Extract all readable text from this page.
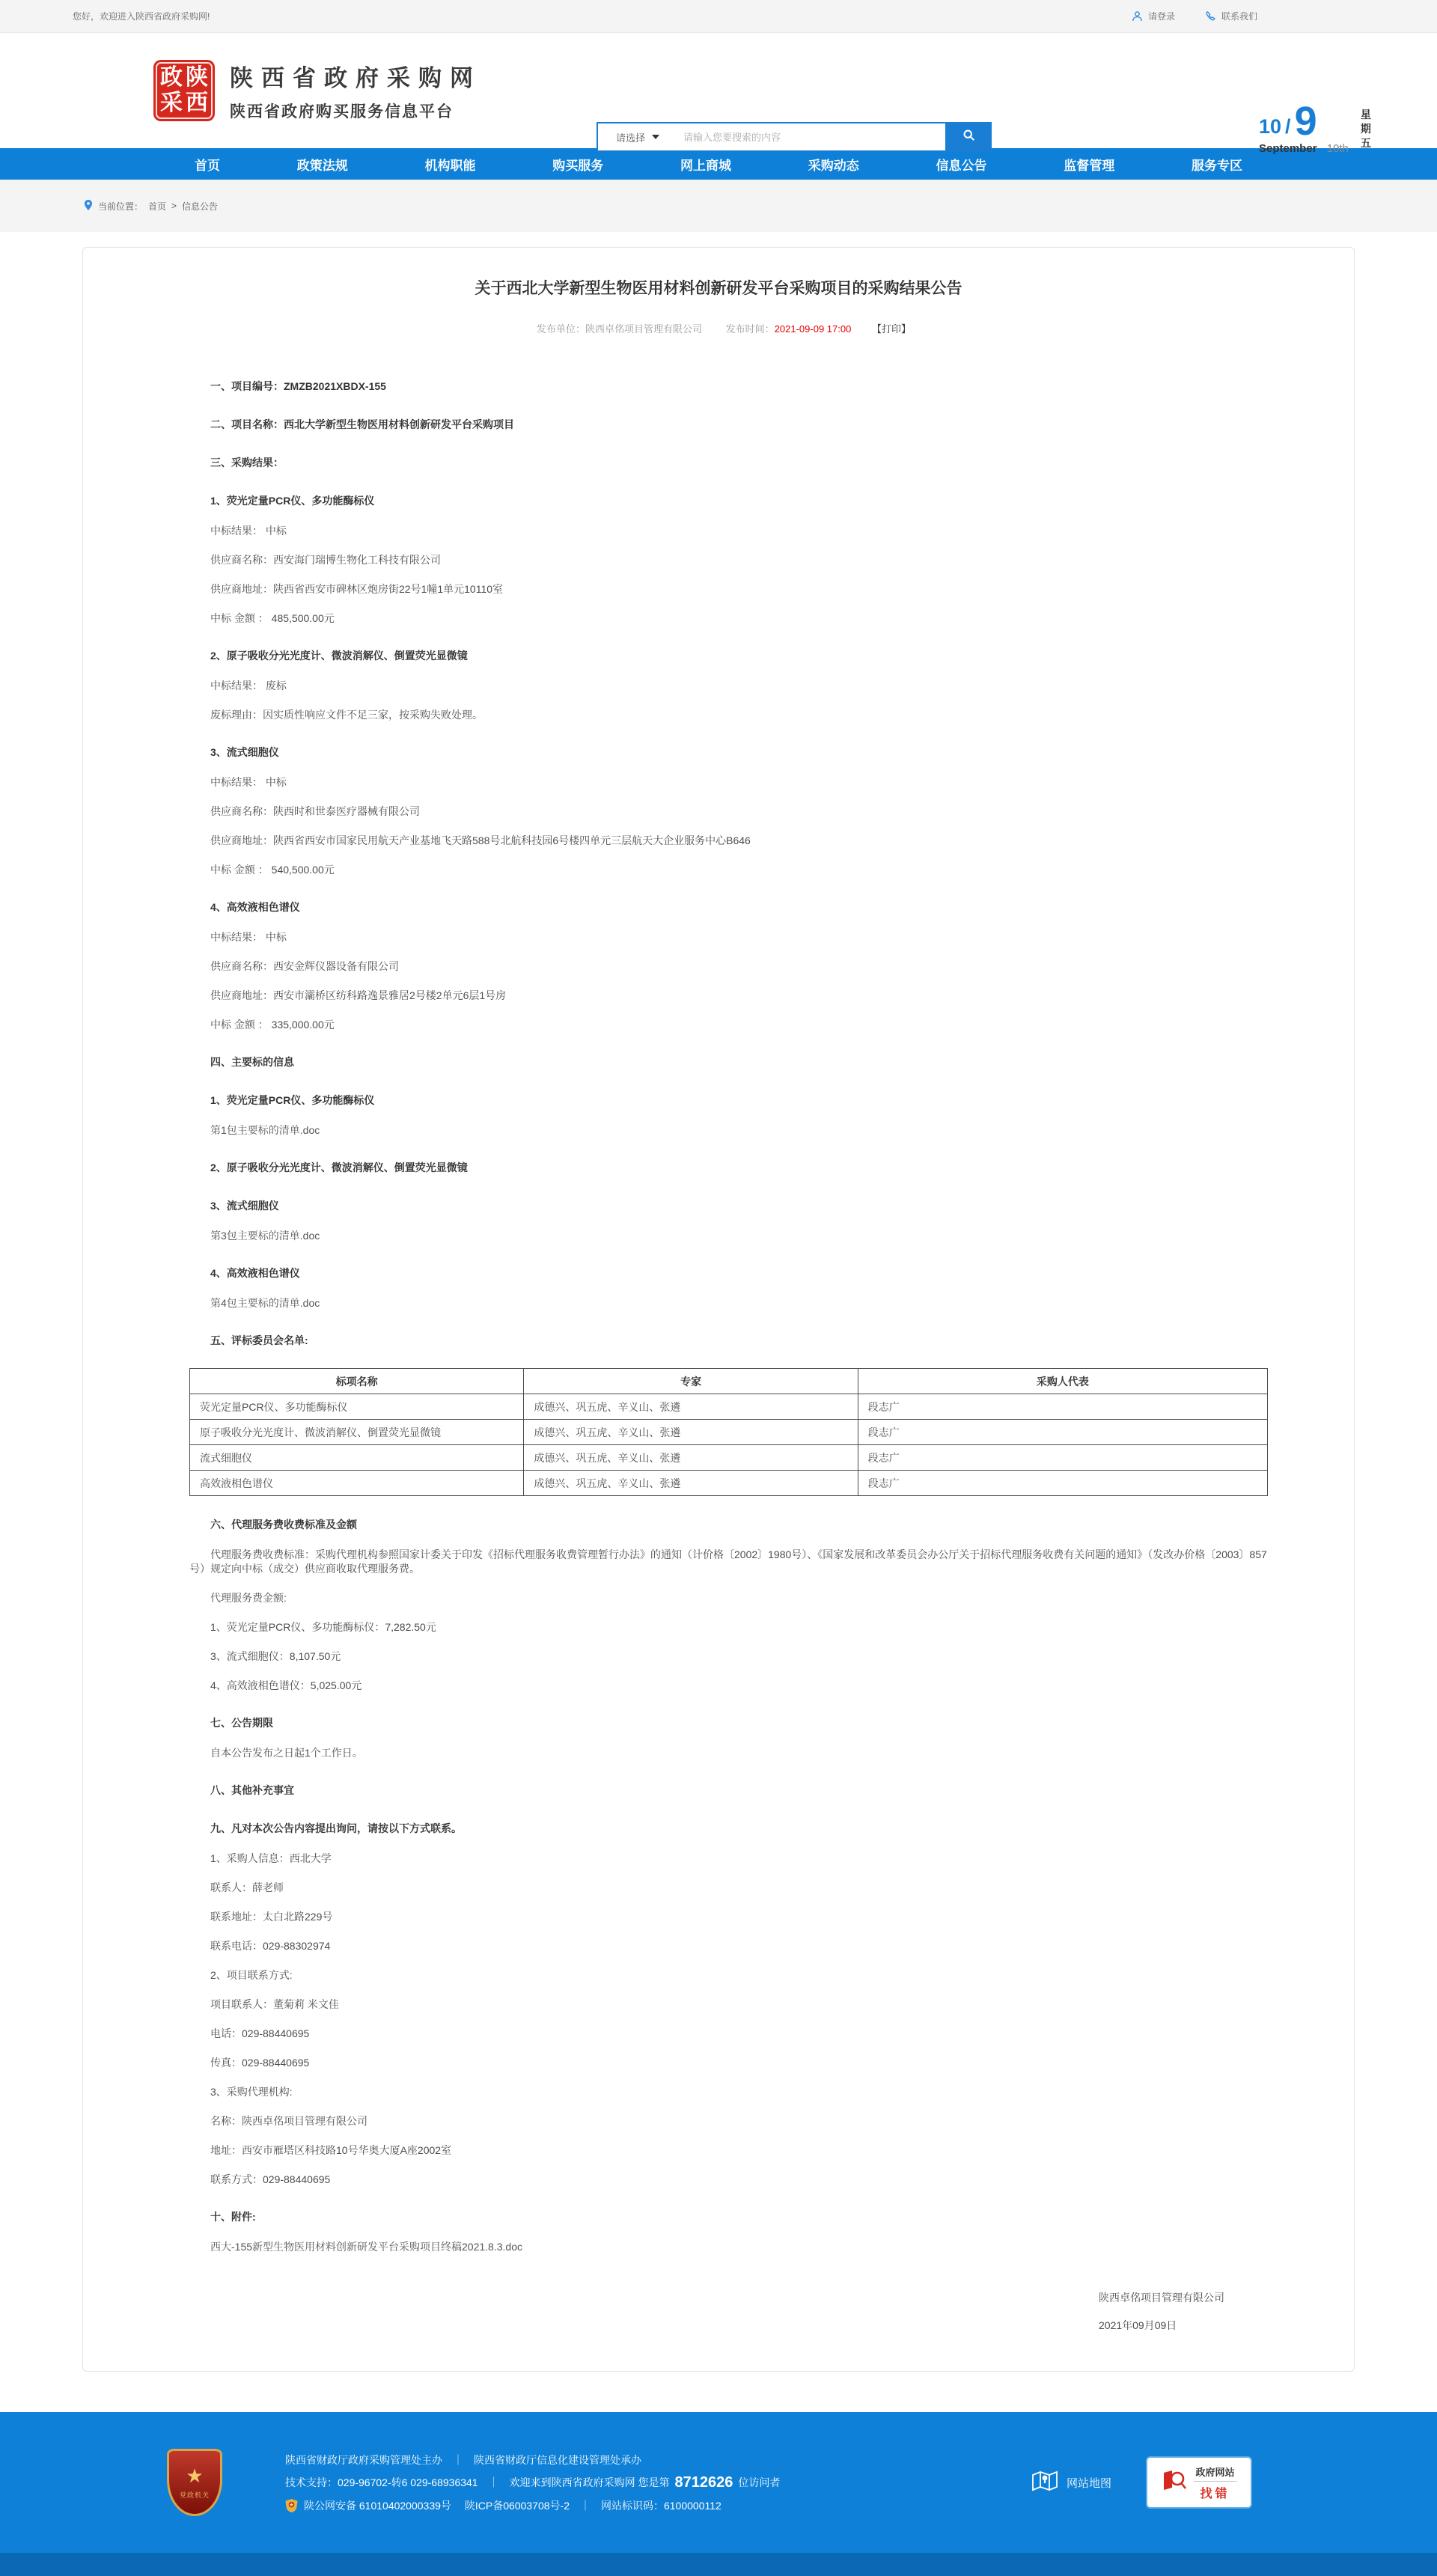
您好，欢迎进入陕西省政府采购网!	请登录	联系我们
政 陕
采 西
陕西省政府采购网
陕西省政府购买服务信息平台
请选择
请输入您要搜索的内容	10 / 9
September 10th
星
期
五
首页	政策法规	机构职能	购买服务	网上商城	采购动态	信息公告	监督管理	服务专区
当前位置： 首页 > 信息公告
关于西北大学新型生物医用材料创新研发平台采购项目的采购结果公告
发布单位：陕西卓佲项目管理有限公司 发布时间：2021-09-09 17:00 【打印】
一、项目编号：ZMZB2021XBDX-155
二、项目名称：西北大学新型生物医用材料创新研发平台采购项目
三、采购结果：
1、荧光定量PCR仪、多功能酶标仪
中标结果： 中标
供应商名称：西安海门瑞博生物化工科技有限公司
供应商地址：陕西省西安市碑林区炮房街22号1幢1单元10110室
中标 金额 ： 485,500.00元
2、原子吸收分光光度计、微波消解仪、倒置荧光显微镜
中标结果： 废标
废标理由：因实质性响应文件不足三家，按采购失败处理。
3、流式细胞仪
中标结果： 中标
供应商名称：陕西时和世泰医疗器械有限公司
供应商地址：陕西省西安市国家民用航天产业基地飞天路588号北航科技园6号楼四单元三层航天大企业服务中心B646
中标 金额 ： 540,500.00元
4、高效液相色谱仪
中标结果： 中标
供应商名称：西安金辉仪器设备有限公司
供应商地址：西安市灞桥区纺科路逸景雅居2号楼2单元6层1号房
中标 金额 ： 335,000.00元
四、主要标的信息
1、荧光定量PCR仪、多功能酶标仪
第1包主要标的清单.doc
2、原子吸收分光光度计、微波消解仪、倒置荧光显微镜
3、流式细胞仪
第3包主要标的清单.doc
4、高效液相色谱仪
第4包主要标的清单.doc
五、评标委员会名单:
标项名称	专家	采购人代表
荧光定量PCR仪、多功能酶标仪	成德兴、巩五虎、辛义山、张遴	段志广
原子吸收分光光度计、微波消解仪、倒置荧光显微镜	成德兴、巩五虎、辛义山、张遴	段志广
流式细胞仪	成德兴、巩五虎、辛义山、张遴	段志广
高效液相色谱仪	成德兴、巩五虎、辛义山、张遴	段志广
六、代理服务费收费标准及金额
代理服务费收费标准：采购代理机构参照国家计委关于印发《招标代理服务收费管理暂行办法》的通知（计价格〔2002〕1980号）、《国家发展和改革委员会办公厅关于招标代理服务收费有关问题的通知》（发改办价格〔2003〕857号）规定向中标（成交）供应商收取代理服务费。
代理服务费金额:
1、荧光定量PCR仪、多功能酶标仪：7,282.50元
3、流式细胞仪：8,107.50元
4、高效液相色谱仪：5,025.00元
七、公告期限
自本公告发布之日起1个工作日。
八、其他补充事宜
九、凡对本次公告内容提出询问，请按以下方式联系。
1、采购人信息：西北大学
联系人：薛老师
联系地址：太白北路229号
联系电话：029-88302974
2、项目联系方式:
项目联系人：董菊莉 米文佳
电话：029-88440695
传真：029-88440695
3、采购代理机构:
名称：陕西卓佲项目管理有限公司
地址：西安市雁塔区科技路10号华奥大厦A座2002室
联系方式：029-88440695
十、附件:
西大-155新型生物医用材料创新研发平台采购项目终稿2021.8.3.doc
陕西卓佲项目管理有限公司
2021年09月09日
★
党政机关
陕西省财政厅政府采购管理处主办 ｜ 陕西省财政厅信息化建设管理处承办
技术支持：029-96702-转6 029-68936341 ｜ 欢迎来到陕西省政府采购网 您是第 8712626 位访问者
陕公网安备 61010402000339号 陕ICP备06003708号-2 ｜ 网站标识码：6100000112
网站地图
政府网站
找错
